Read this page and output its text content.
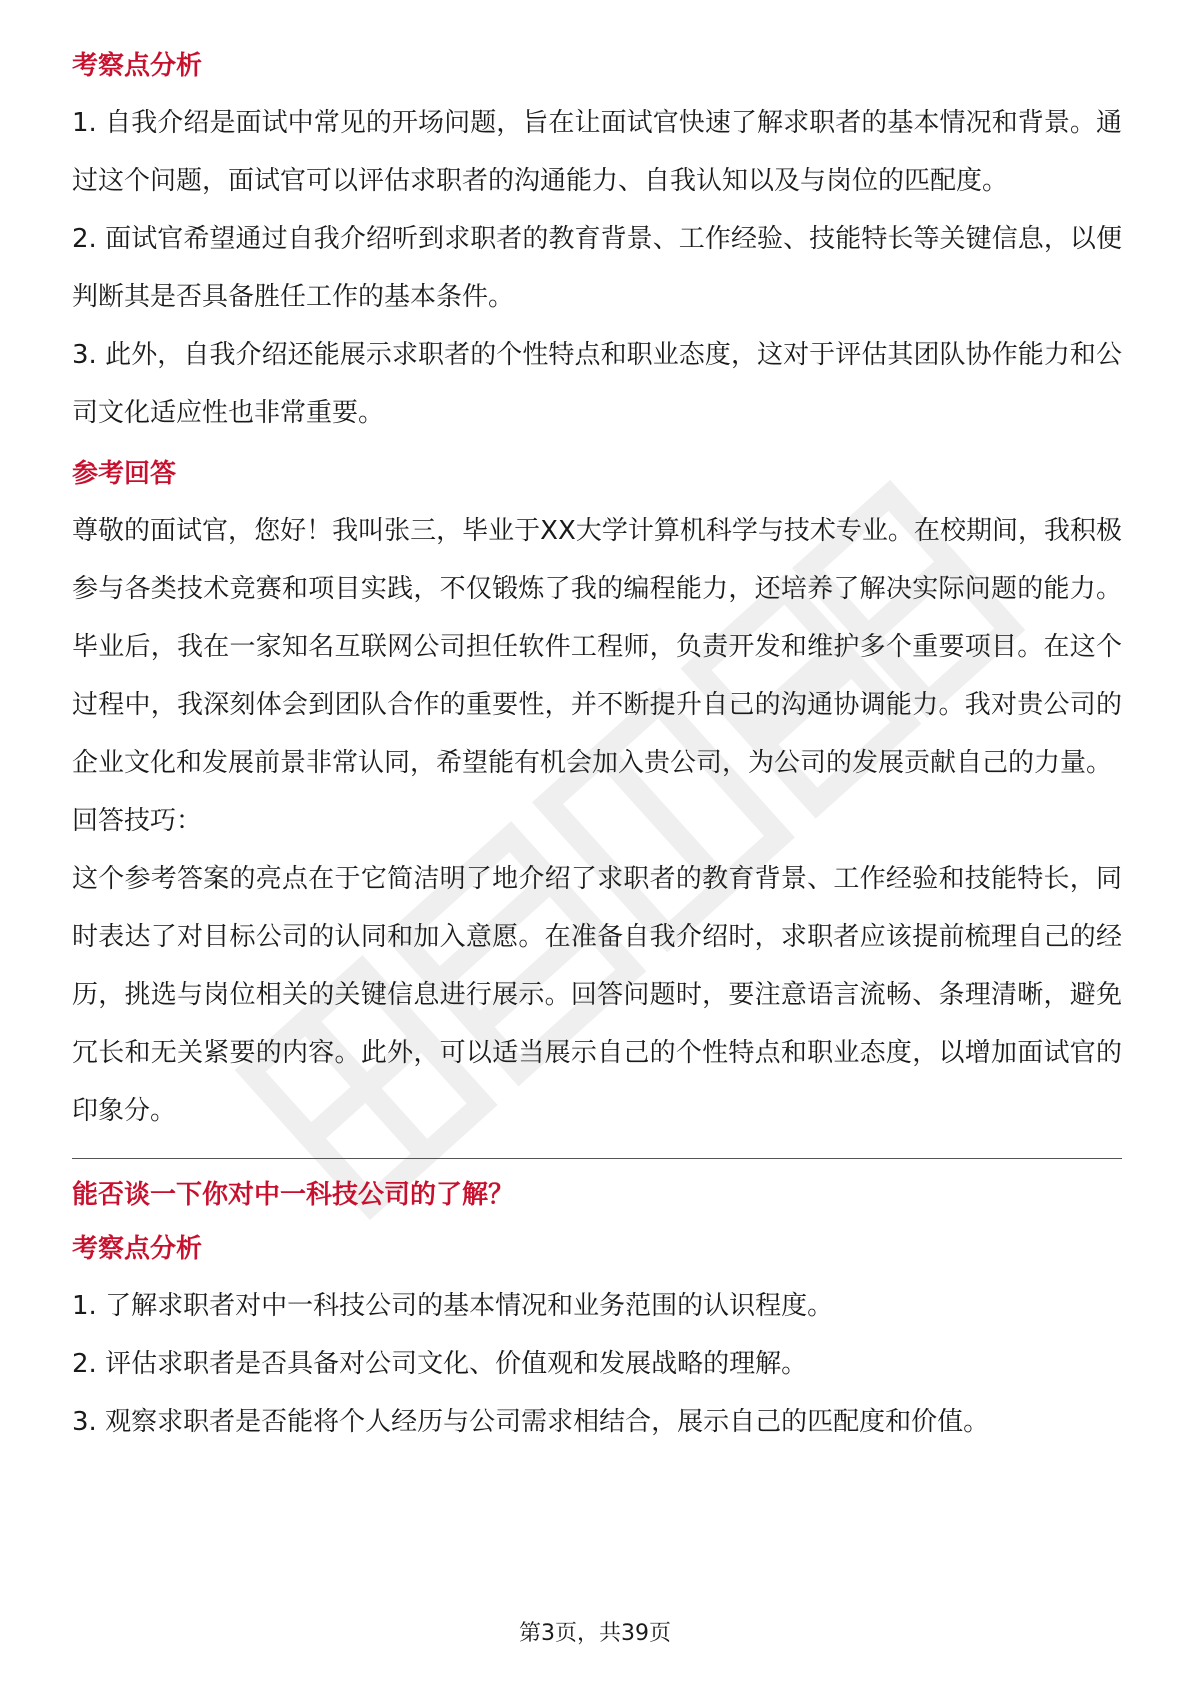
考察点分析

1. 自我介绍是面试中常见的开场问题，旨在让面试官快速了解求职者的基本情况和背景。通过这个问题，面试官可以评估求职者的沟通能力、自我认知以及与岗位的匹配度。

2. 面试官希望通过自我介绍听到求职者的教育背景、工作经验、技能特长等关键信息，以便判断其是否具备胜任工作的基本条件。

3. 此外，自我介绍还能展示求职者的个性特点和职业态度，这对于评估其团队协作能力和公司文化适应性也非常重要。

参考回答

尊敬的面试官，您好！我叫张三，毕业于XX大学计算机科学与技术专业。在校期间，我积极参与各类技术竞赛和项目实践，不仅锻炼了我的编程能力，还培养了解决实际问题的能力。毕业后，我在一家知名互联网公司担任软件工程师，负责开发和维护多个重要项目。在这个过程中，我深刻体会到团队合作的重要性，并不断提升自己的沟通协调能力。我对贵公司的企业文化和发展前景非常认同，希望能有机会加入贵公司，为公司的发展贡献自己的力量。

回答技巧：

这个参考答案的亮点在于它简洁明了地介绍了求职者的教育背景、工作经验和技能特长，同时表达了对目标公司的认同和加入意愿。在准备自我介绍时，求职者应该提前梳理自己的经历，挑选与岗位相关的关键信息进行展示。回答问题时，要注意语言流畅、条理清晰，避免冗长和无关紧要的内容。此外，可以适当展示自己的个性特点和职业态度，以增加面试官的印象分。

能否谈一下你对中一科技公司的了解？

考察点分析

1. 了解求职者对中一科技公司的基本情况和业务范围的认识程度。

2. 评估求职者是否具备对公司文化、价值观和发展战略的理解。

3. 观察求职者是否能将个人经历与公司需求相结合，展示自己的匹配度和价值。

第3页，共39页
